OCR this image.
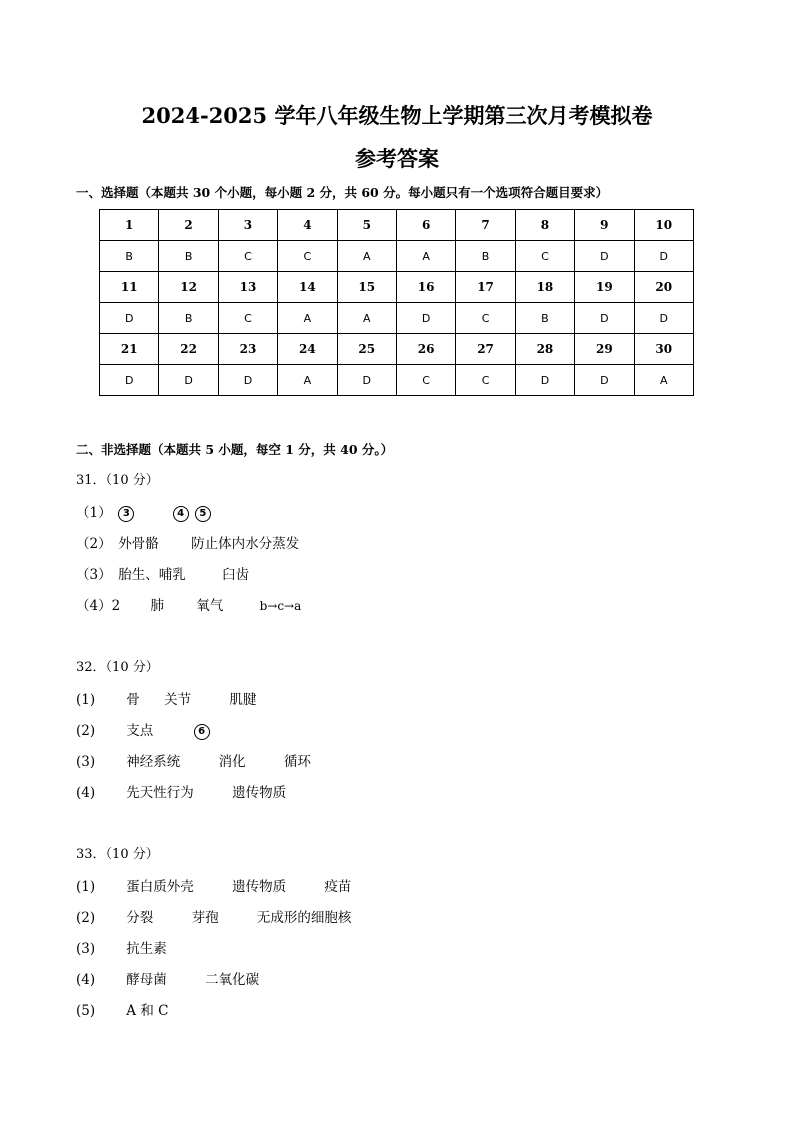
2024-2025 学年八年级生物上学期第三次月考模拟卷
参考答案
一、选择题（本题共 30 个小题，每小题 2 分，共 60 分。每小题只有一个选项符合题目要求）
1	2	3	4	5	6	7	8	9	10
B	B	C	C	A	A	B	C	D	D
11	12	13	14	15	16	17	18	19	20
D	B	C	A	A	D	C	B	D	D
21	22	23	24	25	26	27	28	29	30
D	D	D	A	D	C	C	D	D	A
二、非选择题（本题共 5 小题，每空 1 分，共 40 分。）
31．（10 分）
（1） 3	4 5
（2） 外骨骼 防止体内水分蒸发
（3） 胎生、哺乳	臼齿
（4）2 肺 氧气	b→c→a
32．（10 分）
(1) 骨 关节	肌腱
(2) 支点	6
(3) 神经系统	消化	循环
(4) 先天性行为	遗传物质
33．（10 分）
(1) 蛋白质外壳	遗传物质	疫苗
(2) 分裂	芽孢	无成形的细胞核
(3) 抗生素
(4) 酵母菌	二氧化碳
(5) A 和 C
